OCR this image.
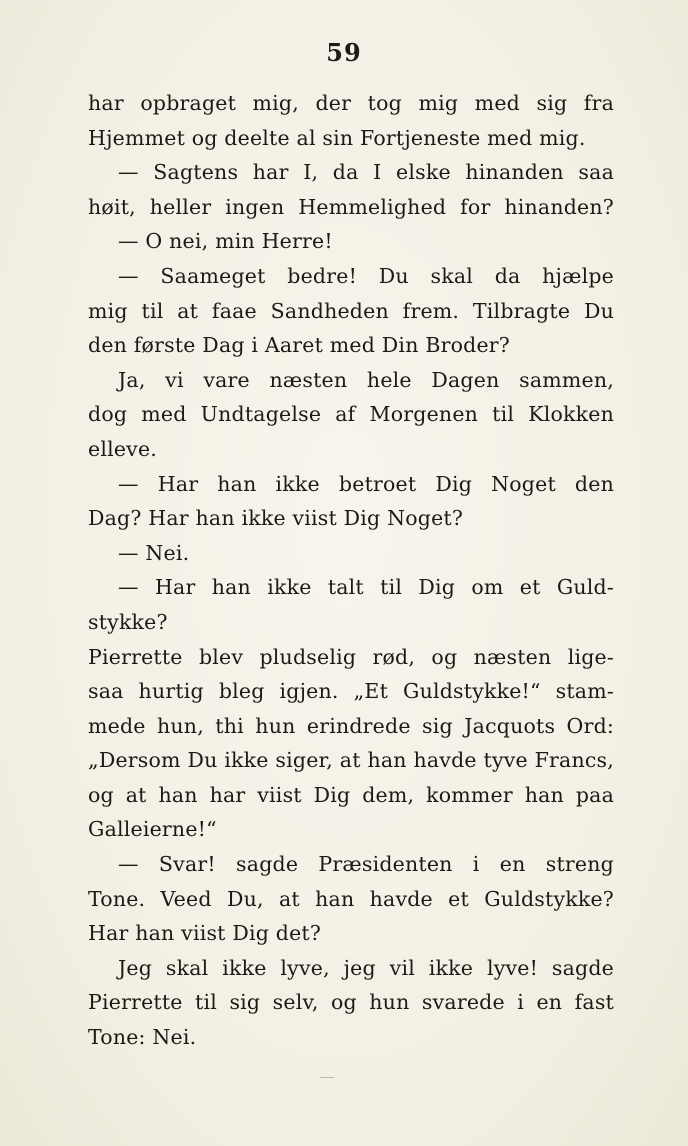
59
har opbraget mig, der tog mig med sig fra
Hjemmet og deelte al sin Fortjeneste med mig.
— Sagtens har I, da I elske hinanden saa
høit, heller ingen Hemmelighed for hinanden?
— O nei, min Herre!
— Saameget bedre! Du skal da hjælpe
mig til at faae Sandheden frem. Tilbragte Du
den første Dag i Aaret med Din Broder?
Ja, vi vare næsten hele Dagen sammen,
dog med Undtagelse af Morgenen til Klokken
elleve.
— Har han ikke betroet Dig Noget den
Dag? Har han ikke viist Dig Noget?
— Nei.
— Har han ikke talt til Dig om et Guld-
stykke?
Pierrette blev pludselig rød, og næsten lige-
saa hurtig bleg igjen. „Et Guldstykke!“ stam-
mede hun, thi hun erindrede sig Jacquots Ord:
„Dersom Du ikke siger, at han havde tyve Francs,
og at han har viist Dig dem, kommer han paa
Galleierne!“
— Svar! sagde Præsidenten i en streng
Tone. Veed Du, at han havde et Guldstykke?
Har han viist Dig det?
Jeg skal ikke lyve, jeg vil ikke lyve! sagde
Pierrette til sig selv, og hun svarede i en fast
Tone: Nei.
